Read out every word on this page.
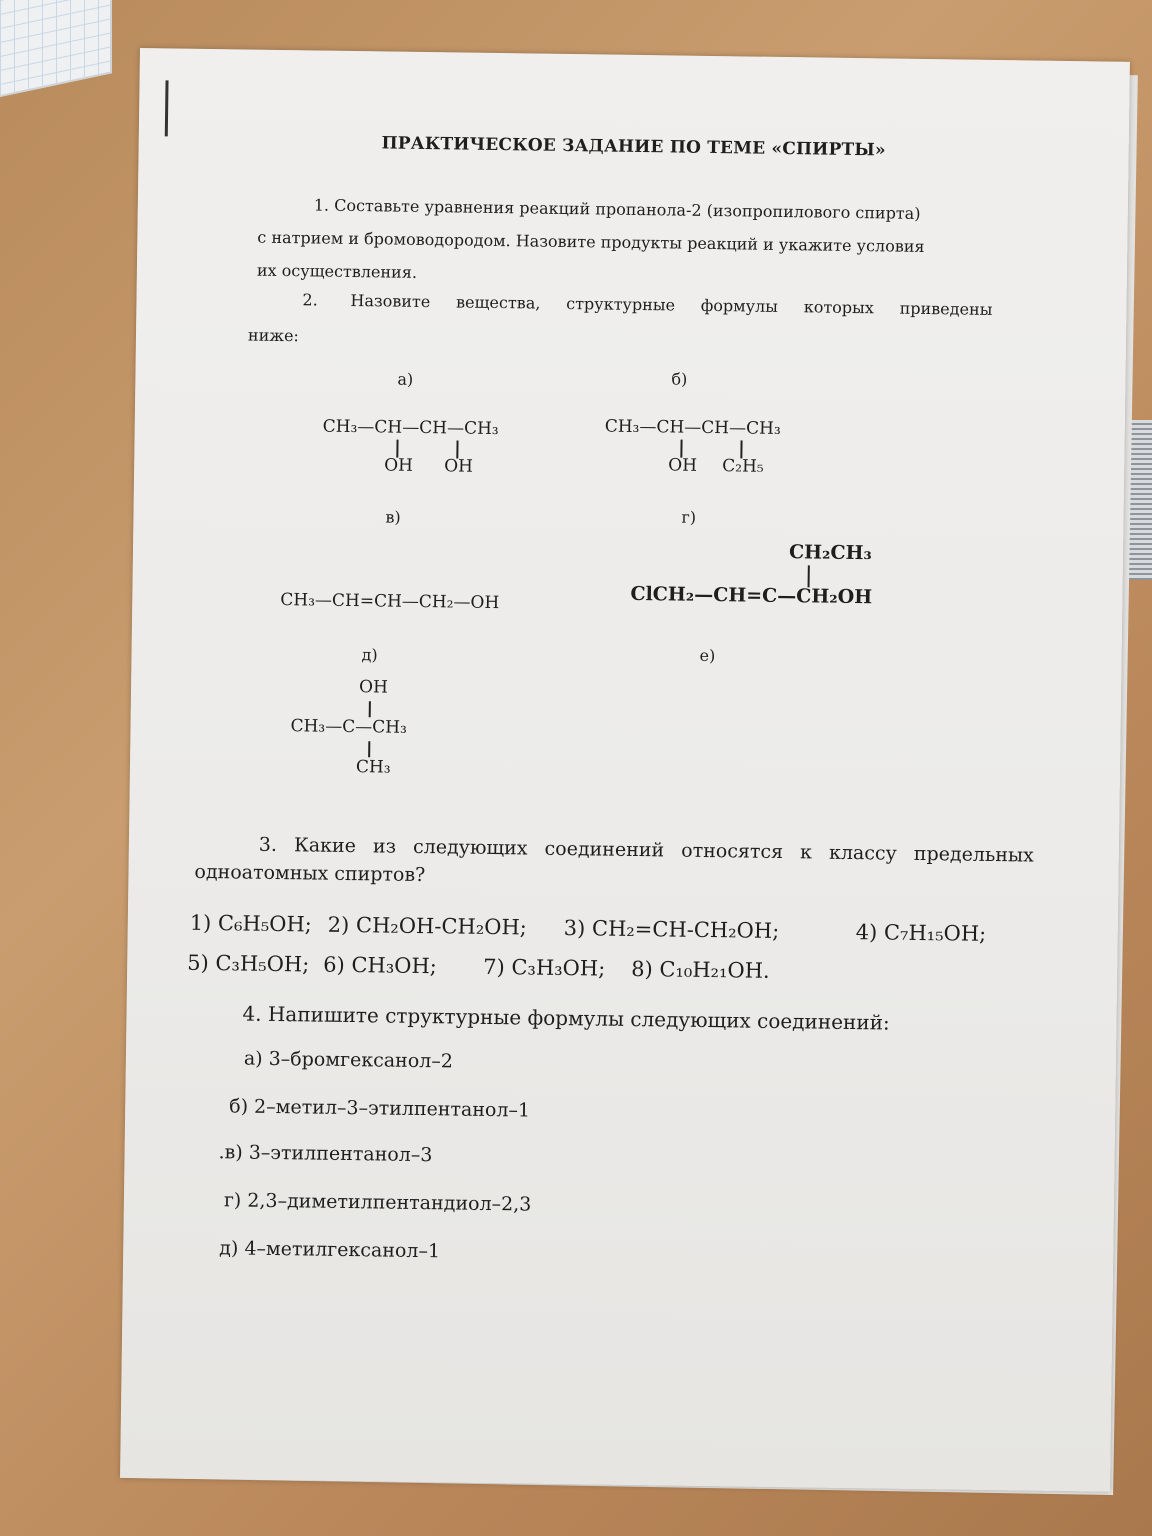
ПРАКТИЧЕСКОЕ ЗАДАНИЕ ПО ТЕМЕ «СПИРТЫ»
1. Составьте уравнения реакций пропанола-2 (изопропилового спирта)
с натрием и бромоводородом. Назовите продукты реакций и укажите условия
их осуществления.
2. Назовите вещества, структурные формулы которых приведены
ниже:
а)	б)
CH₃—CH—CH—CH₃
OH OH
CH₃—CH—CH—CH₃
OH C₂H₅
в)	г)
CH₃—CH=CH—CH₂—OH
CH₂CH₃
ClCH₂—CH=C—CH₂OH
д)	е)
OH
CH₃—C—CH₃
CH₃
3. Какие из следующих соединений относятся к классу предельных
одноатомных спиртов?
1) C₆H₅OH; 2) CH₂OH-CH₂OH; 3) CH₂=CH-CH₂OH;	4) C₇H₁₅OH;
5) C₃H₅OH; 6) CH₃OH; 7) C₃H₃OH; 8) C₁₀H₂₁OH.
4. Напишите структурные формулы следующих соединений:
а) 3–бромгексанол–2
б) 2–метил–3–этилпентанол–1
.в) 3–этилпентанол–3
г) 2,3–диметилпентандиол–2,3
д) 4–метилгексанол–1
